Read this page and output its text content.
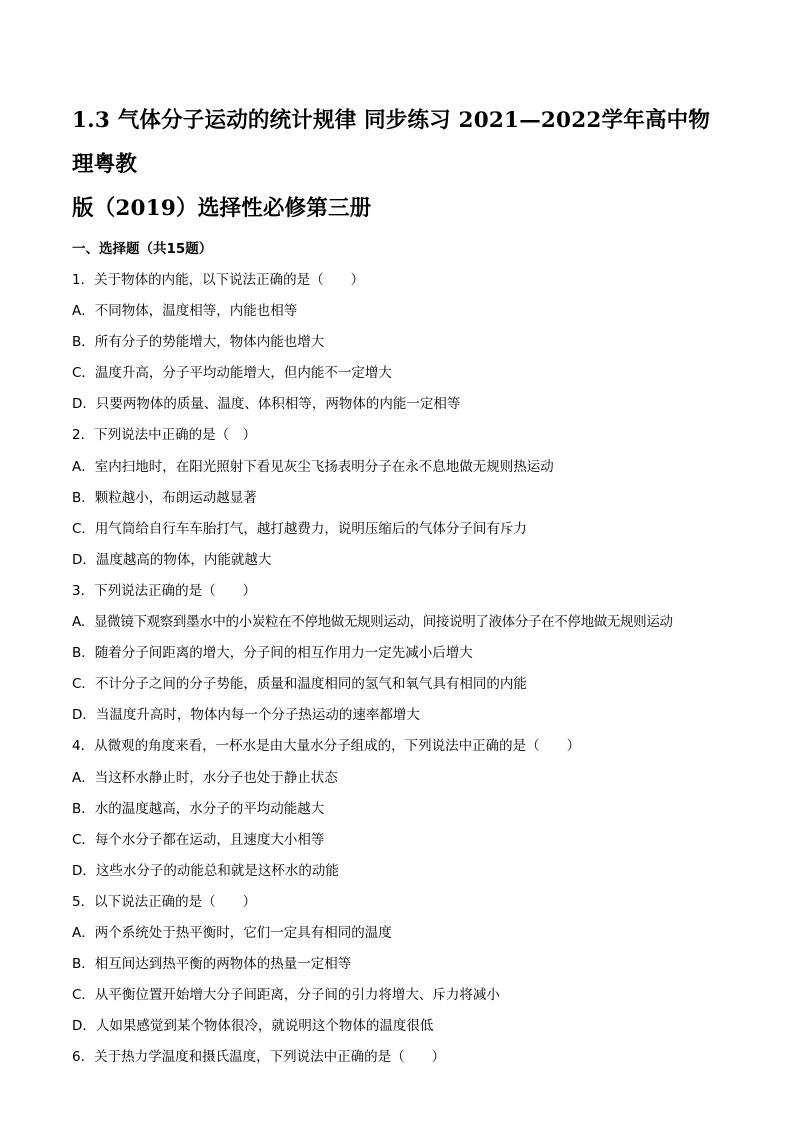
1.3 气体分子运动的统计规律 同步练习 2021—2022学年高中物理粤教
版（2019）选择性必修第三册
一、选择题（共15题）
1．关于物体的内能，以下说法正确的是（　　）
A．不同物体，温度相等，内能也相等
B．所有分子的势能增大，物体内能也增大
C．温度升高，分子平均动能增大，但内能不一定增大
D．只要两物体的质量、温度、体积相等，两物体的内能一定相等
2．下列说法中正确的是（　）
A．室内扫地时，在阳光照射下看见灰尘飞扬表明分子在永不息地做无规则热运动
B．颗粒越小，布朗运动越显著
C．用气筒给自行车车胎打气，越打越费力，说明压缩后的气体分子间有斥力
D．温度越高的物体，内能就越大
3．下列说法正确的是（　　）
A．显微镜下观察到墨水中的小炭粒在不停地做无规则运动，间接说明了液体分子在不停地做无规则运动
B．随着分子间距离的增大，分子间的相互作用力一定先减小后增大
C．不计分子之间的分子势能，质量和温度相同的氢气和氧气具有相同的内能
D．当温度升高时，物体内每一个分子热运动的速率都增大
4．从微观的角度来看，一杯水是由大量水分子组成的，下列说法中正确的是（　　）
A．当这杯水静止时，水分子也处于静止状态
B．水的温度越高，水分子的平均动能越大
C．每个水分子都在运动，且速度大小相等
D．这些水分子的动能总和就是这杯水的动能
5．以下说法正确的是（　　）
A．两个系统处于热平衡时，它们一定具有相同的温度
B．相互间达到热平衡的两物体的热量一定相等
C．从平衡位置开始增大分子间距离，分子间的引力将增大、斥力将减小
D．人如果感觉到某个物体很冷，就说明这个物体的温度很低
6．关于热力学温度和摄氏温度，下列说法中正确的是（　　）
